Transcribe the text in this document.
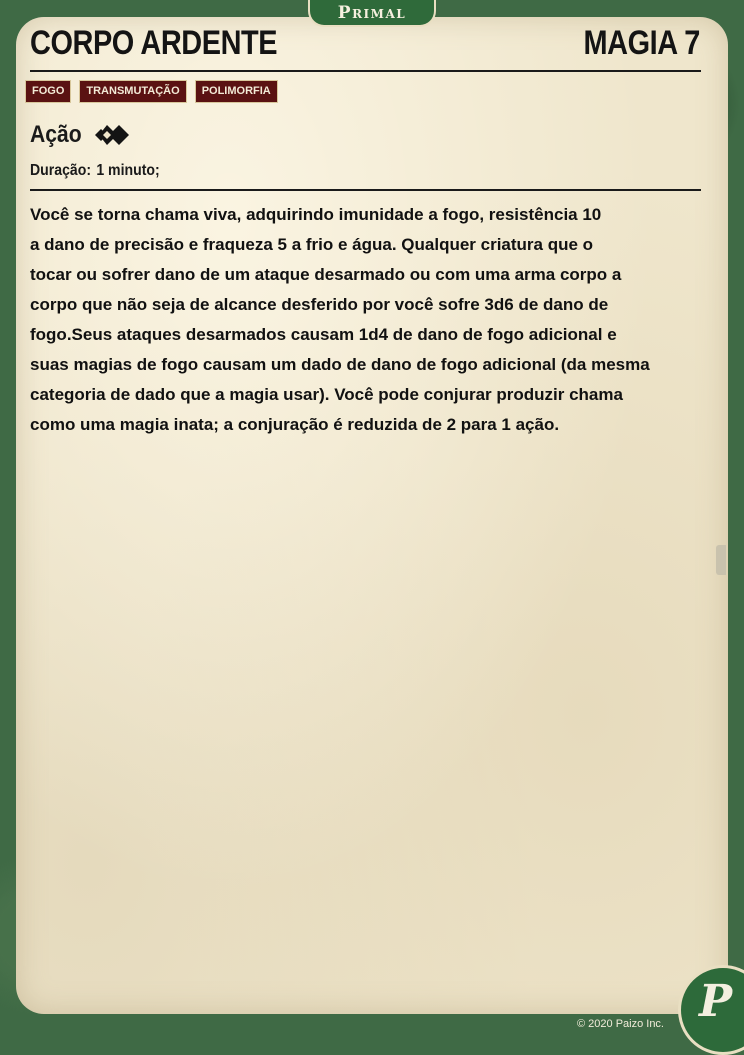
Primal
CORPO ARDENTE	MAGIA 7
FOGO	TRANSMUTAÇÃO	POLIMORFIA
Ação
Duração: 1 minuto;
Você se torna chama viva, adquirindo imunidade a fogo, resistência 10
a dano de precisão e fraqueza 5 a frio e água. Qualquer criatura que o
tocar ou sofrer dano de um ataque desarmado ou com uma arma corpo a
corpo que não seja de alcance desferido por você sofre 3d6 de dano de
fogo.Seus ataques desarmados causam 1d4 de dano de fogo adicional e
suas magias de fogo causam um dado de dano de fogo adicional (da mesma
categoria de dado que a magia usar). Você pode conjurar produzir chama
como uma magia inata; a conjuração é reduzida de 2 para 1 ação.
© 2020 Paizo Inc. P
